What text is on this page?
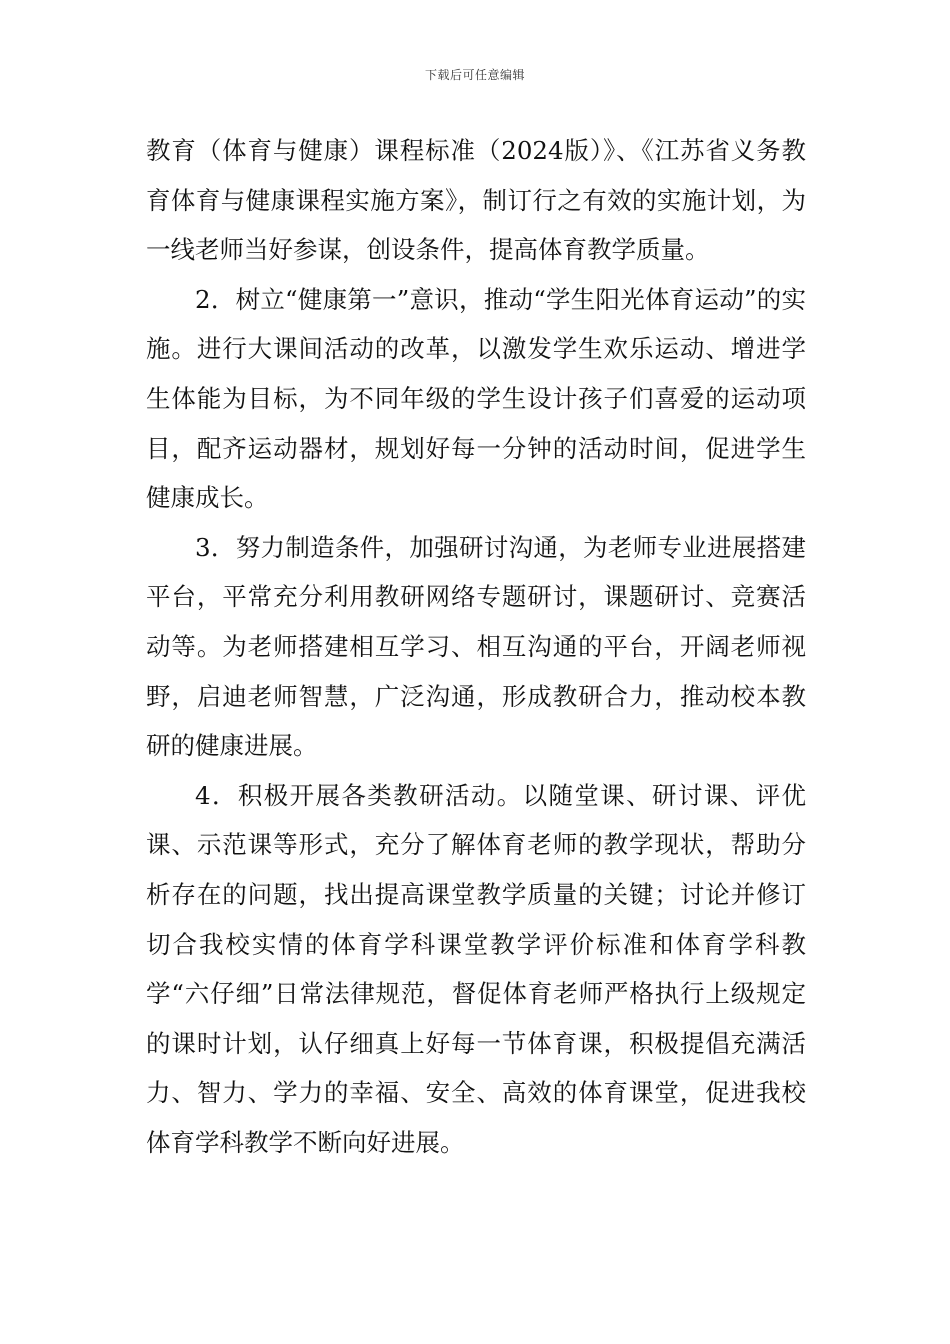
下载后可任意编辑

教育（体育与健康）课程标准（2024版）》、《江苏省义务教育体育与健康课程实施方案》，制订行之有效的实施计划，为一线老师当好参谋，创设条件，提高体育教学质量。

2．树立“健康第一”意识，推动“学生阳光体育运动”的实施。进行大课间活动的改革，以激发学生欢乐运动、增进学生体能为目标，为不同年级的学生设计孩子们喜爱的运动项目，配齐运动器材，规划好每一分钟的活动时间，促进学生健康成长。

3．努力制造条件，加强研讨沟通，为老师专业进展搭建平台，平常充分利用教研网络专题研讨，课题研讨、竞赛活动等。为老师搭建相互学习、相互沟通的平台，开阔老师视野，启迪老师智慧，广泛沟通，形成教研合力，推动校本教研的健康进展。

4．积极开展各类教研活动。以随堂课、研讨课、评优课、示范课等形式，充分了解体育老师的教学现状，帮助分析存在的问题，找出提高课堂教学质量的关键；讨论并修订切合我校实情的体育学科课堂教学评价标准和体育学科教学“六仔细”日常法律规范，督促体育老师严格执行上级规定的课时计划，认仔细真上好每一节体育课，积极提倡充满活力、智力、学力的幸福、安全、高效的体育课堂，促进我校体育学科教学不断向好进展。
